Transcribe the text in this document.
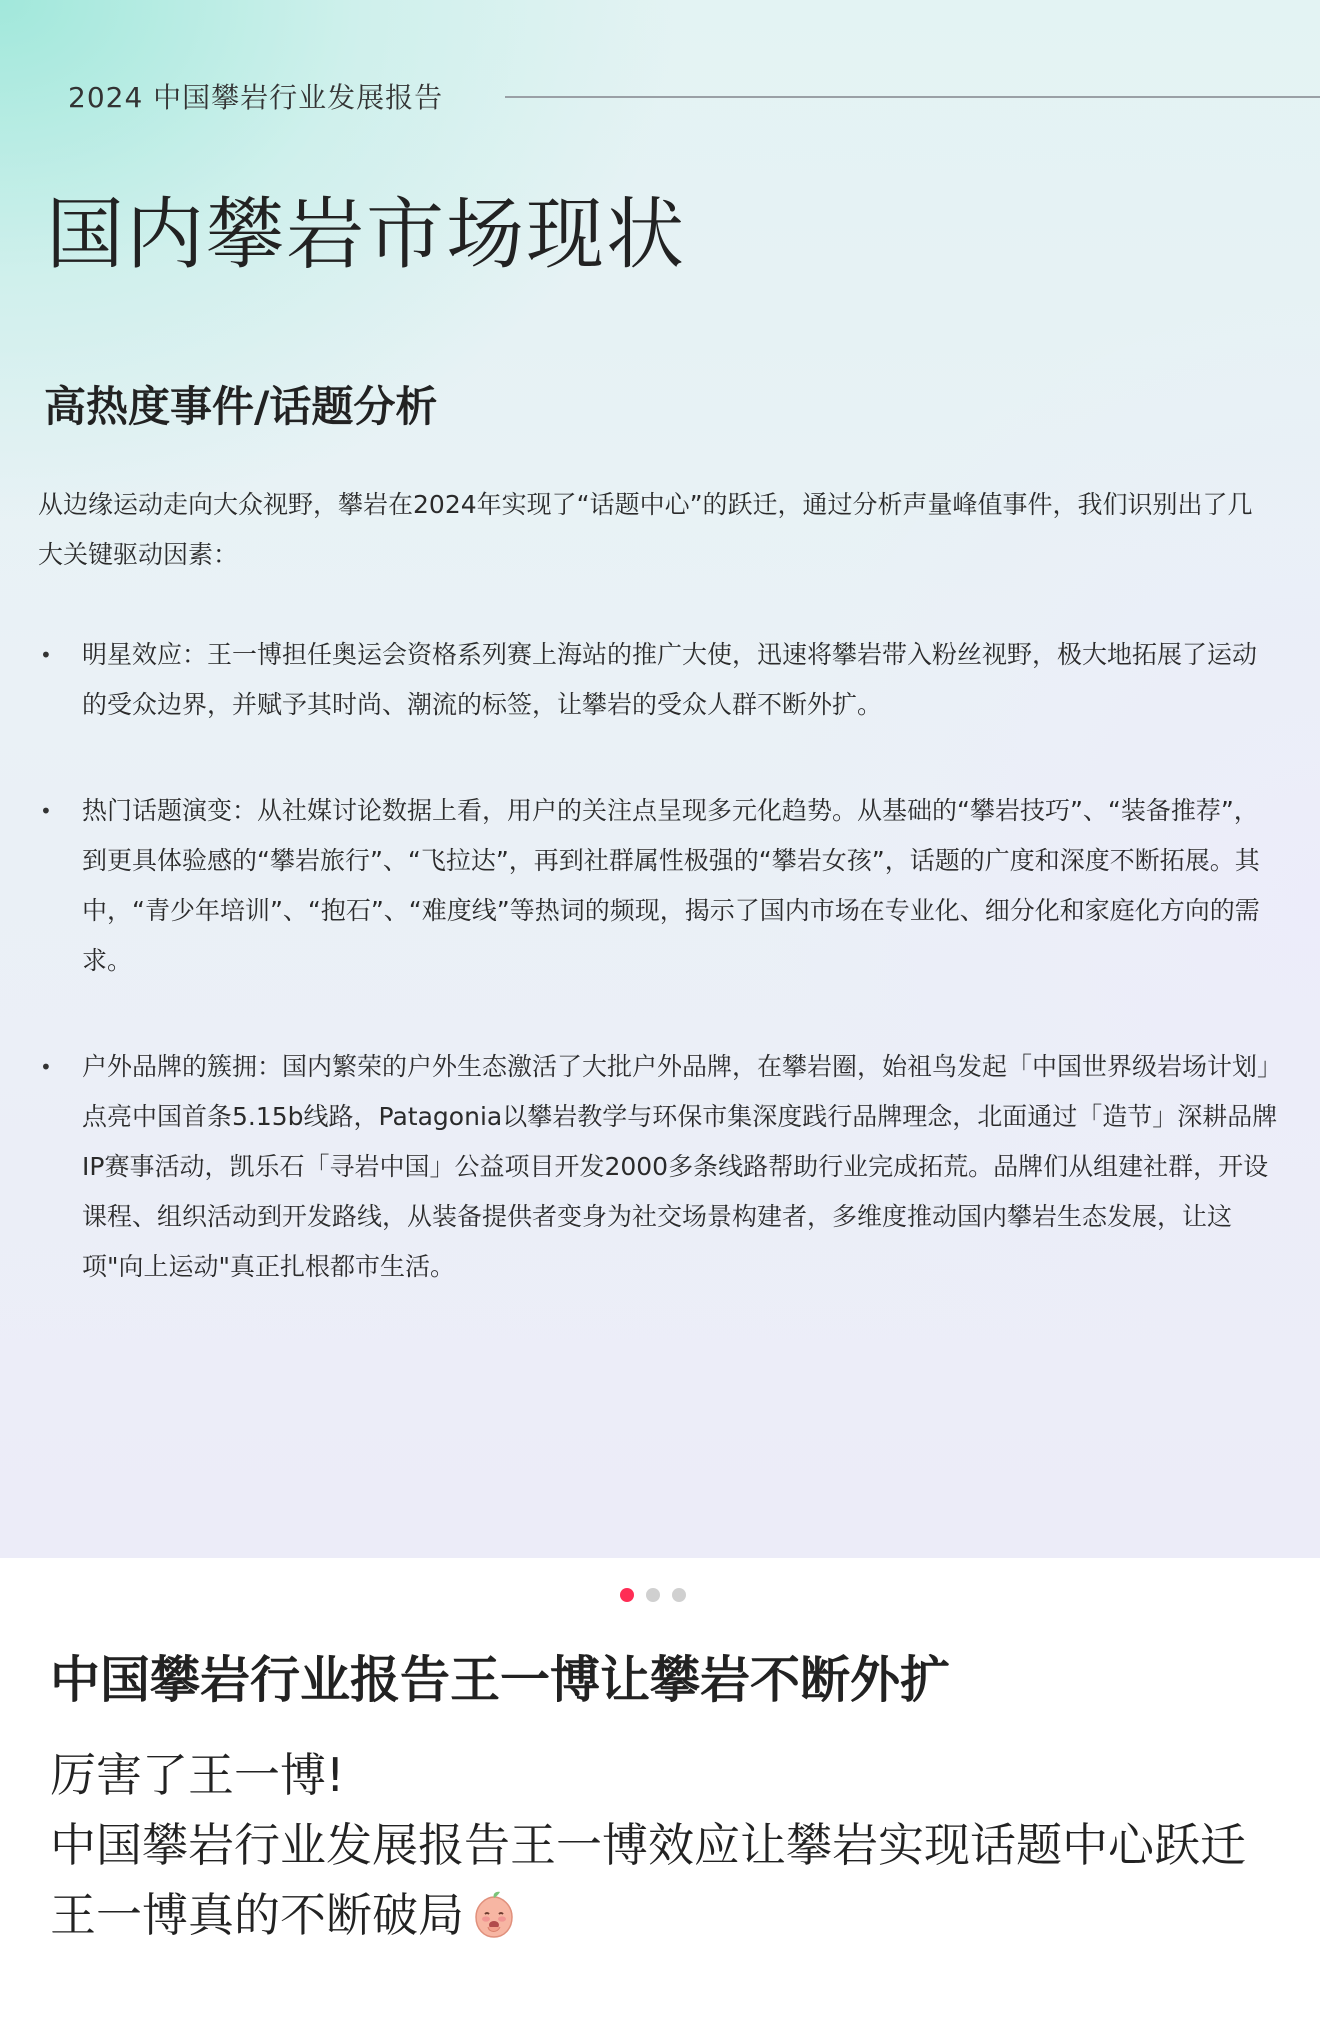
2024 中国攀岩行业发展报告
国内攀岩市场现状
高热度事件/话题分析

从边缘运动走向大众视野，攀岩在2024年实现了“话题中心”的跃迁，通过分析声量峰值事件，我们识别出了几大关键驱动因素：

• 明星效应：王一博担任奥运会资格系列赛上海站的推广大使，迅速将攀岩带入粉丝视野，极大地拓展了运动的受众边界，并赋予其时尚、潮流的标签，让攀岩的受众人群不断外扩。
• 热门话题演变：从社媒讨论数据上看，用户的关注点呈现多元化趋势。从基础的“攀岩技巧”、“装备推荐”，到更具体验感的“攀岩旅行”、“飞拉达”，再到社群属性极强的“攀岩女孩”，话题的广度和深度不断拓展。其中，“青少年培训”、“抱石”、“难度线”等热词的频现，揭示了国内市场在专业化、细分化和家庭化方向的需求。
• 户外品牌的簇拥：国内繁荣的户外生态激活了大批户外品牌，在攀岩圈，始祖鸟发起「中国世界级岩场计划」点亮中国首条5.15b线路，Patagonia以攀岩教学与环保市集深度践行品牌理念，北面通过「造节」深耕品牌IP赛事活动，凯乐石「寻岩中国」公益项目开发2000多条线路帮助行业完成拓荒。品牌们从组建社群，开设课程、组织活动到开发路线，从装备提供者变身为社交场景构建者，多维度推动国内攀岩生态发展，让这项"向上运动"真正扎根都市生活。
中国攀岩行业报告王一博让攀岩不断外扩

厉害了王一博!

中国攀岩行业发展报告王一博效应让攀岩实现话题中心跃迁

王一博真的不断破局
